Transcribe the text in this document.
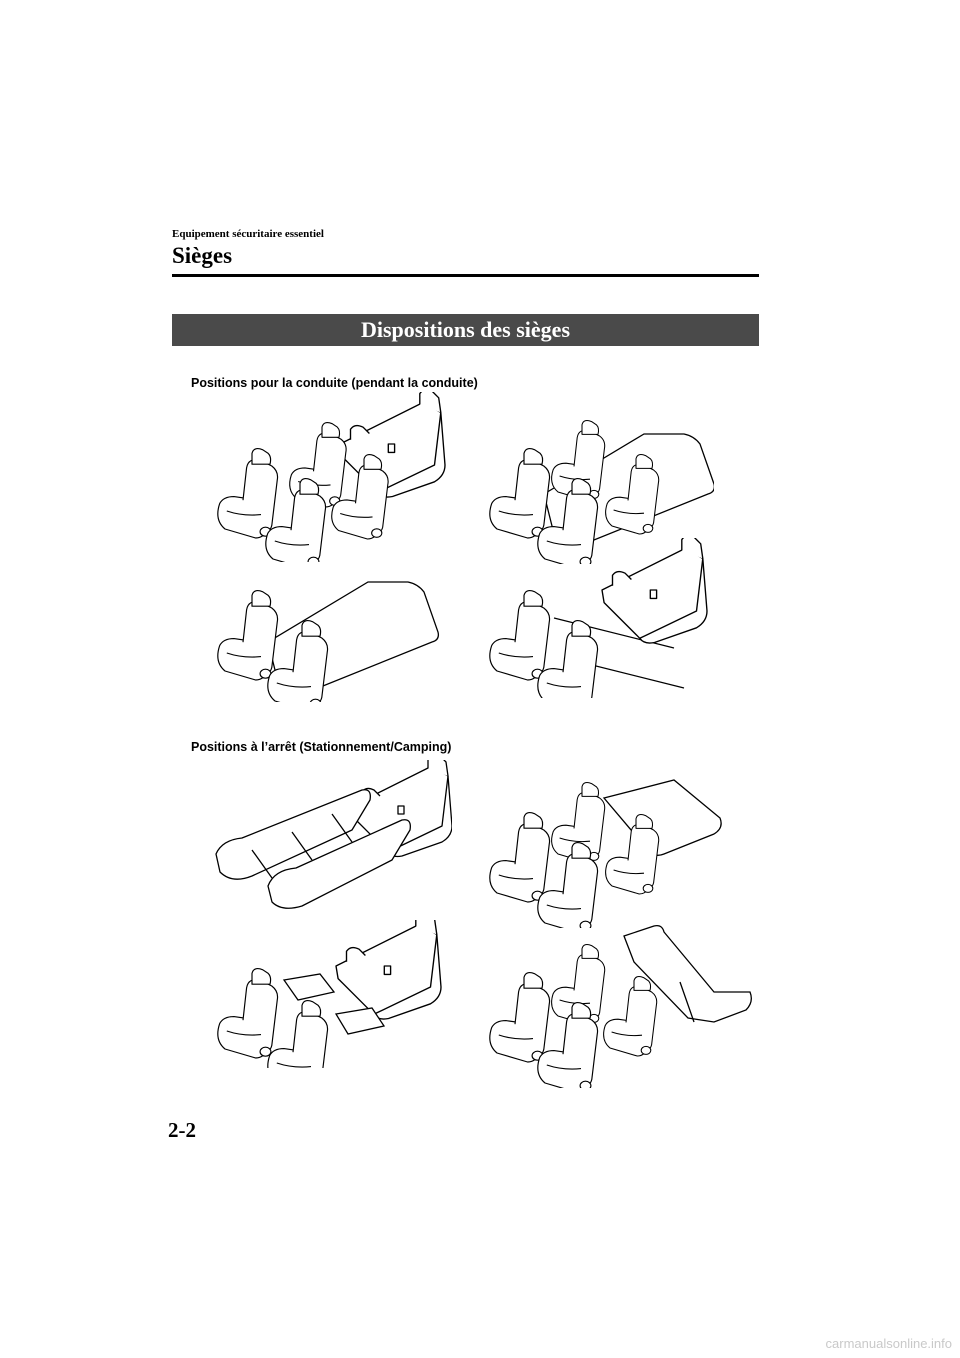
Equipement sécuritaire essentiel
Sièges
Dispositions des sièges
Positions pour la conduite (pendant la conduite)
Positions à l’arrêt (Stationnement/Camping)
2-2
carmanualsonline.info
